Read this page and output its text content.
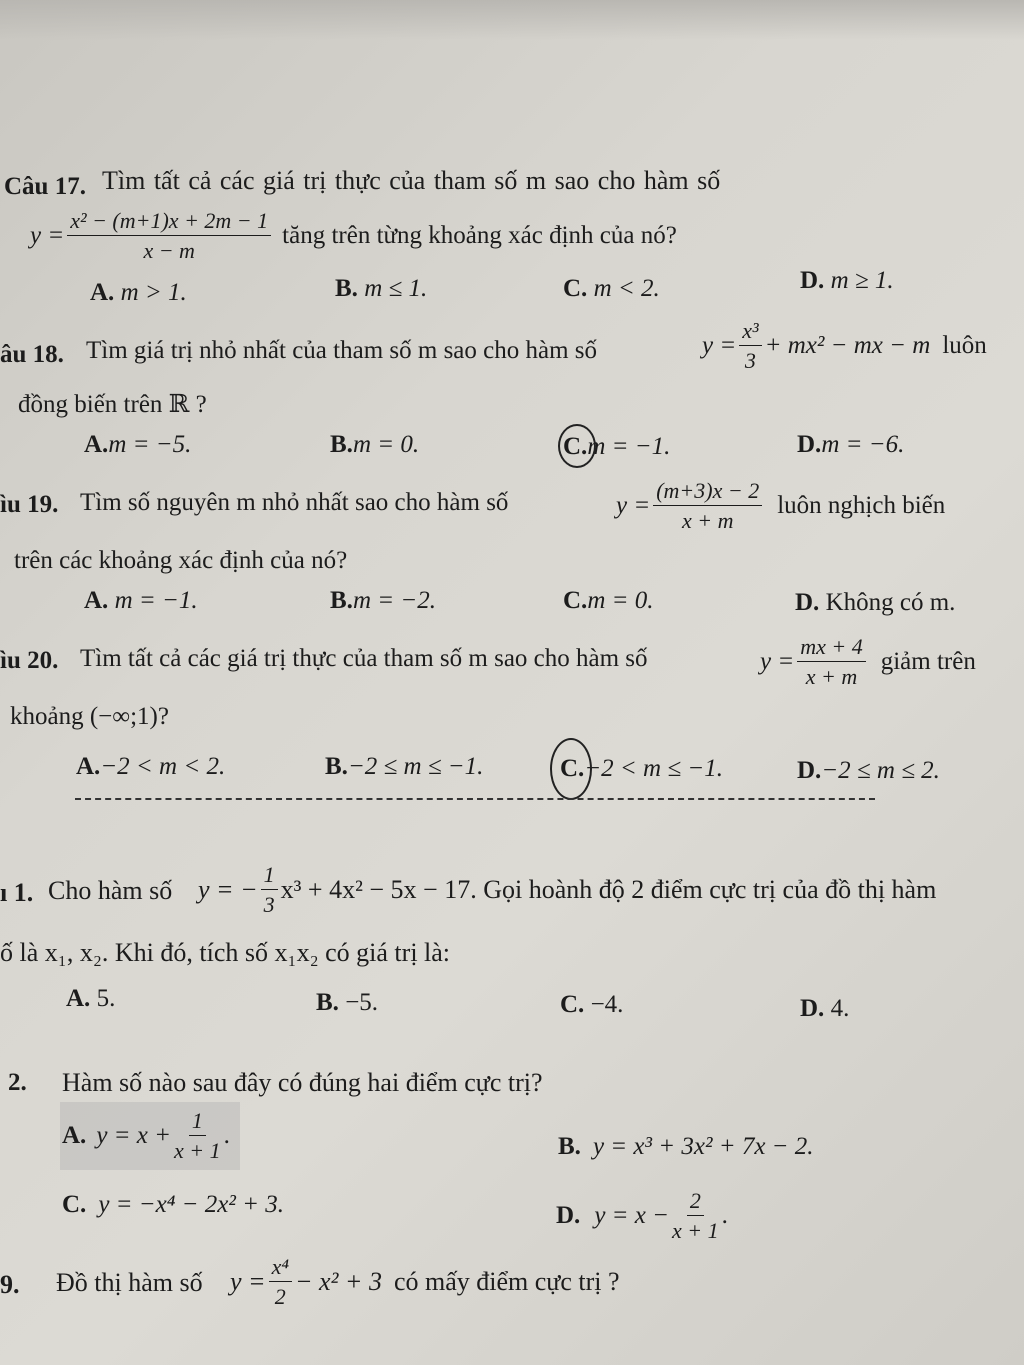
Câu 17. Tìm tất cả các giá trị thực của tham số m sao cho hàm số
$y = \frac{\text{x² − (m+1)x + 2m − 1}}{x - m}$ tăng trên từng khoảng xác định của nó?
A. m > 1.	B. m ≤ 1.	C. m < 2.	D. m ≥ 1.
âu 18. Tìm giá trị nhỏ nhất của tham số m sao cho hàm số	$y = \frac{\text{x³}}{3} + mx^2$ − mx − m luôn
đồng biến trên ℝ ?
A.m = −5.	B.m = 0.	C.m = −1.	D.m = −6.
ìu 19. Tìm số nguyên m nhỏ nhất sao cho hàm số	$y = \frac{(m+3)x - 2}{x + m}$ luôn nghịch biến
trên các khoảng xác định của nó?
A. m = −1.	B.m = −2.	C.m = 0.	D. Không có m.
ìu 20. Tìm tất cả các giá trị thực của tham số m sao cho hàm số	$y = \frac{mx + 4}{x + m}$ giảm trên
khoảng (−∞;1)?
A.−2 < m < 2.	B.−2 ≤ m ≤ −1.	C.−2 < m ≤ −1.	D.−2 ≤ m ≤ 2.
ı 1. Cho hàm số y = − $\frac{1}{3} x^3 + 4x^2 - 5x - 17$. Gọi hoành độ 2 điểm cực trị của đồ thị hàm
ố là x₁, x₂. Khi đó, tích số x₁x₂ có giá trị là:
A. 5.	B. −5.	C. −4.	D. 4.
2. Hàm số nào sau đây có đúng hai điểm cực trị?
A. $y = x + \frac{1}{x + 1}$ .	B. y = x³ + 3x² + 7x − 2.
C. y = −x⁴ − 2x² + 3.	D. $y = x - \frac{2}{x + 1}$ .
9. Đồ thị hàm số $y = \frac{\text{x⁴}}{2} - x^2 + 3$ có mấy điểm cực trị ?
